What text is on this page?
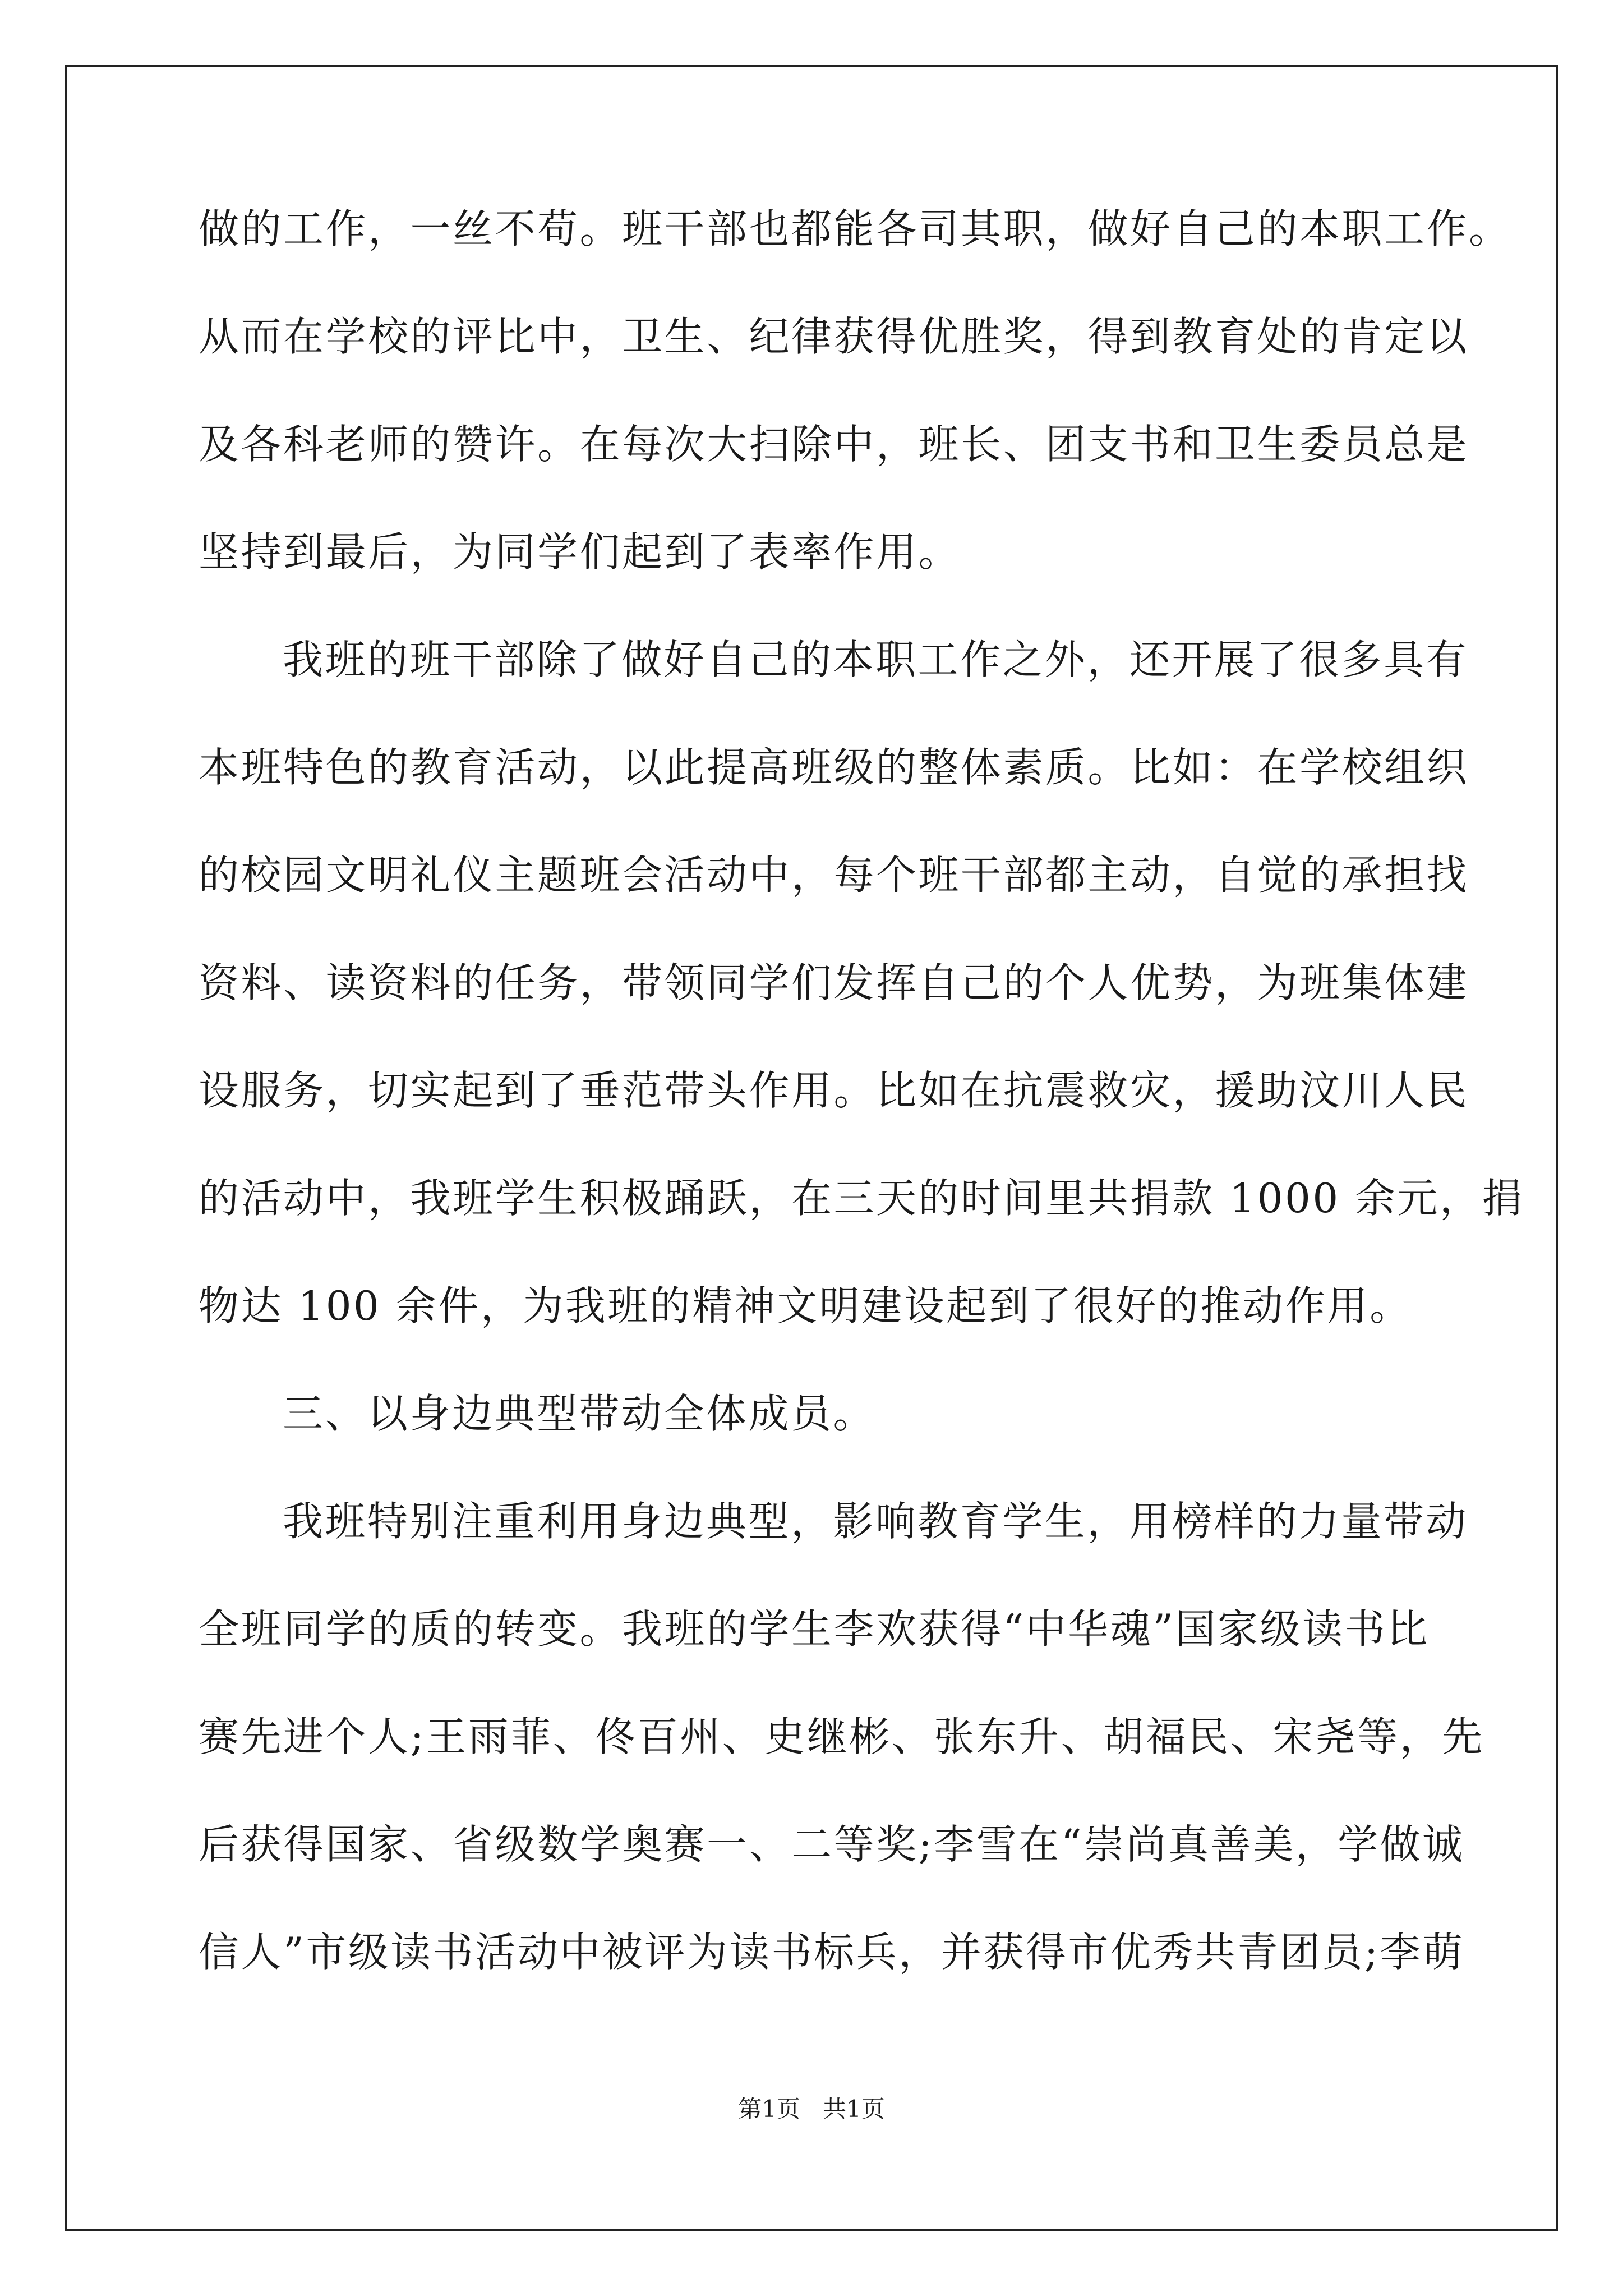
做的工作，一丝不苟。班干部也都能各司其职，做好自己的本职工作。
从而在学校的评比中，卫生、纪律获得优胜奖，得到教育处的肯定以
及各科老师的赞许。在每次大扫除中，班长、团支书和卫生委员总是
坚持到最后，为同学们起到了表率作用。
我班的班干部除了做好自己的本职工作之外，还开展了很多具有
本班特色的教育活动，以此提高班级的整体素质。比如：在学校组织
的校园文明礼仪主题班会活动中，每个班干部都主动，自觉的承担找
资料、读资料的任务，带领同学们发挥自己的个人优势，为班集体建
设服务，切实起到了垂范带头作用。比如在抗震救灾，援助汶川人民
的活动中，我班学生积极踊跃，在三天的时间里共捐款 1000 余元，捐
物达 100 余件，为我班的精神文明建设起到了很好的推动作用。
三、以身边典型带动全体成员。
我班特别注重利用身边典型，影响教育学生，用榜样的力量带动
全班同学的质的转变。我班的学生李欢获得“中华魂”国家级读书比
赛先进个人;王雨菲、佟百州、史继彬、张东升、胡福民、宋尧等，先
后获得国家、省级数学奥赛一、二等奖;李雪在“崇尚真善美，学做诚
信人”市级读书活动中被评为读书标兵，并获得市优秀共青团员;李萌
第1页   共1页
